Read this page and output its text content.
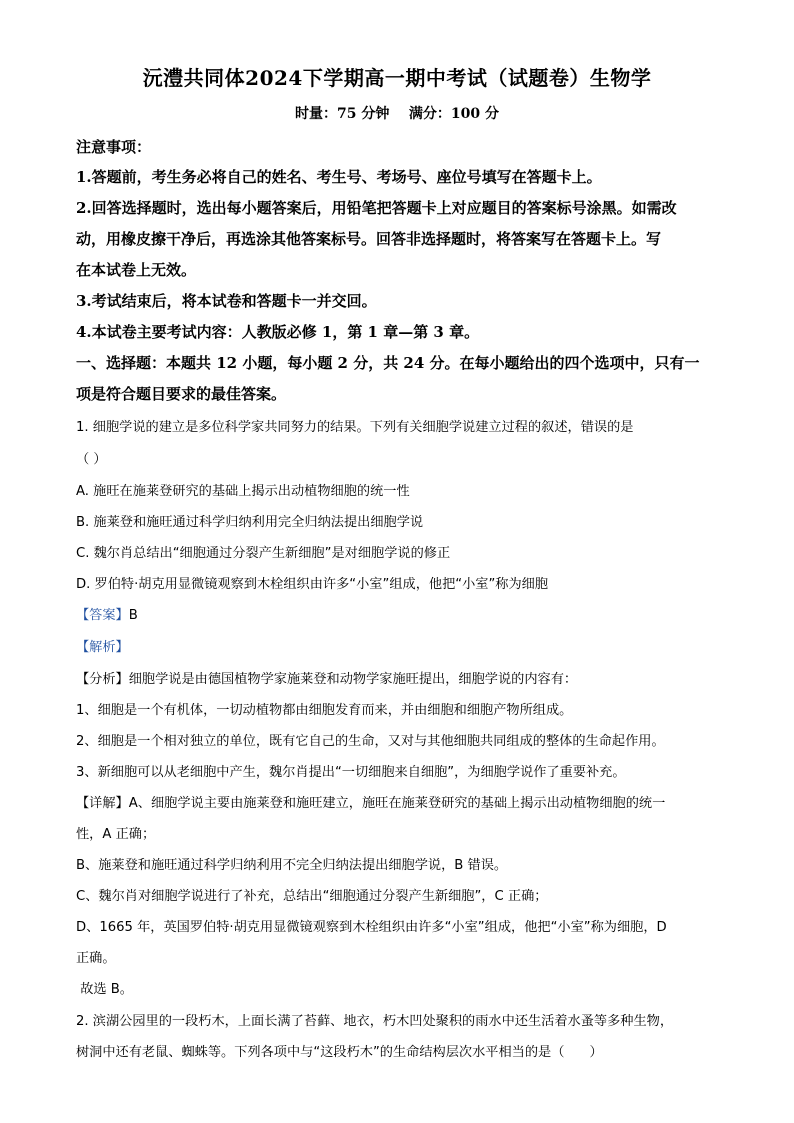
沅澧共同体2024下学期高一期中考试（试题卷）生物学
时量：75 分钟    满分：100 分
注意事项：
1.答题前，考生务必将自己的姓名、考生号、考场号、座位号填写在答题卡上。
2.回答选择题时，选出每小题答案后，用铅笔把答题卡上对应题目的答案标号涂黑。如需改
动，用橡皮擦干净后，再选涂其他答案标号。回答非选择题时，将答案写在答题卡上。写
在本试卷上无效。
3.考试结束后，将本试卷和答题卡一并交回。
4.本试卷主要考试内容：人教版必修 1，第 1 章—第 3 章。
一、选择题：本题共 12 小题，每小题 2 分，共 24 分。在每小题给出的四个选项中，只有一
项是符合题目要求的最佳答案。
1. 细胞学说的建立是多位科学家共同努力的结果。下列有关细胞学说建立过程的叙述，错误的是
（ ）
A. 施旺在施莱登研究的基础上揭示出动植物细胞的统一性
B. 施莱登和施旺通过科学归纳利用完全归纳法提出细胞学说
C. 魏尔肖总结出“细胞通过分裂产生新细胞”是对细胞学说的修正
D. 罗伯特·胡克用显微镜观察到木栓组织由许多“小室”组成，他把“小室”称为细胞
【答案】B
【解析】
【分析】细胞学说是由德国植物学家施莱登和动物学家施旺提出，细胞学说的内容有：
1、细胞是一个有机体，一切动植物都由细胞发育而来，并由细胞和细胞产物所组成。
2、细胞是一个相对独立的单位，既有它自己的生命，又对与其他细胞共同组成的整体的生命起作用。
3、新细胞可以从老细胞中产生，魏尔肖提出“一切细胞来自细胞”，为细胞学说作了重要补充。
【详解】A、细胞学说主要由施莱登和施旺建立，施旺在施莱登研究的基础上揭示出动植物细胞的统一
性，A 正确；
B、施莱登和施旺通过科学归纳利用不完全归纳法提出细胞学说，B 错误。
C、魏尔肖对细胞学说进行了补充，总结出“细胞通过分裂产生新细胞”，C 正确；
D、1665 年，英国罗伯特·胡克用显微镜观察到木栓组织由许多“小室”组成，他把“小室”称为细胞，D
正确。
故选 B。
2. 滨湖公园里的一段朽木，上面长满了苔藓、地衣，朽木凹处聚积的雨水中还生活着水蚤等多种生物，
树洞中还有老鼠、蜘蛛等。下列各项中与“这段朽木”的生命结构层次水平相当的是（      ）
